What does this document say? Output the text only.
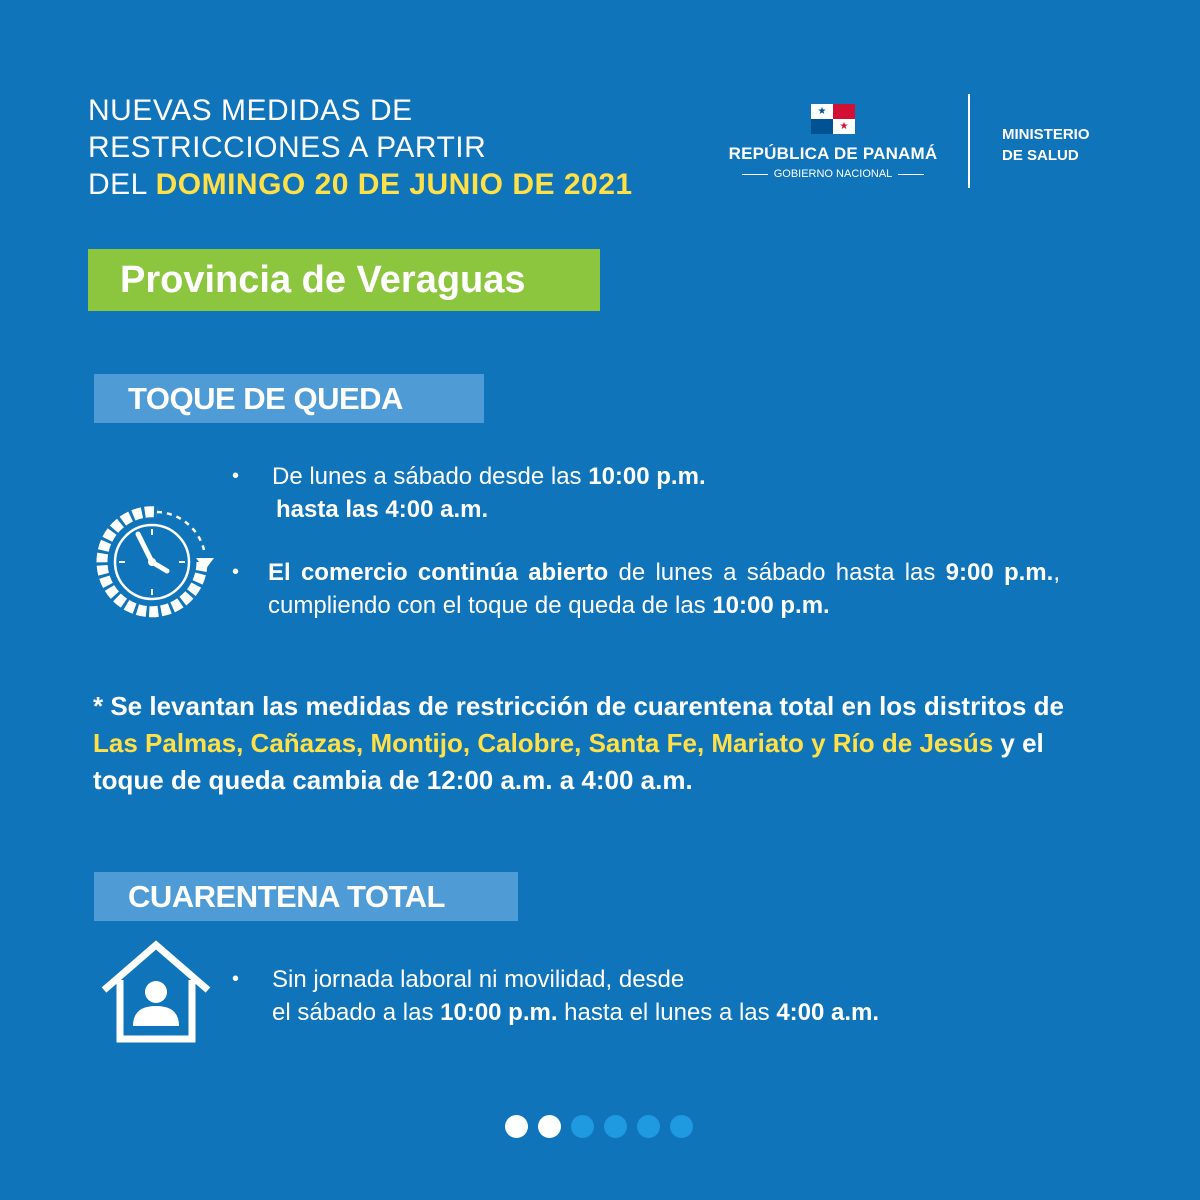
NUEVAS MEDIDAS DE
RESTRICCIONES A PARTIR
DEL DOMINGO 20 DE JUNIO DE 2021
★
★
REPÚBLICA DE PANAMÁ
GOBIERNO NACIONAL
MINISTERIO
DE SALUD
Provincia de Veraguas
TOQUE DE QUEDA
• De lunes a sábado desde las 10:00 p.m.
hasta las 4:00 a.m.
• El comercio continúa abierto de lunes a sábado hasta las 9:00 p.m., cumpliendo con el toque de queda de las 10:00 p.m.
* Se levantan las medidas de restricción de cuarentena total en los distritos de Las Palmas, Cañazas, Montijo, Calobre, Santa Fe, Mariato y Río de Jesús y el toque de queda cambia de 12:00 a.m. a 4:00 a.m.
CUARENTENA TOTAL
• Sin jornada laboral ni movilidad, desde
el sábado a las 10:00 p.m. hasta el lunes a las 4:00 a.m.
